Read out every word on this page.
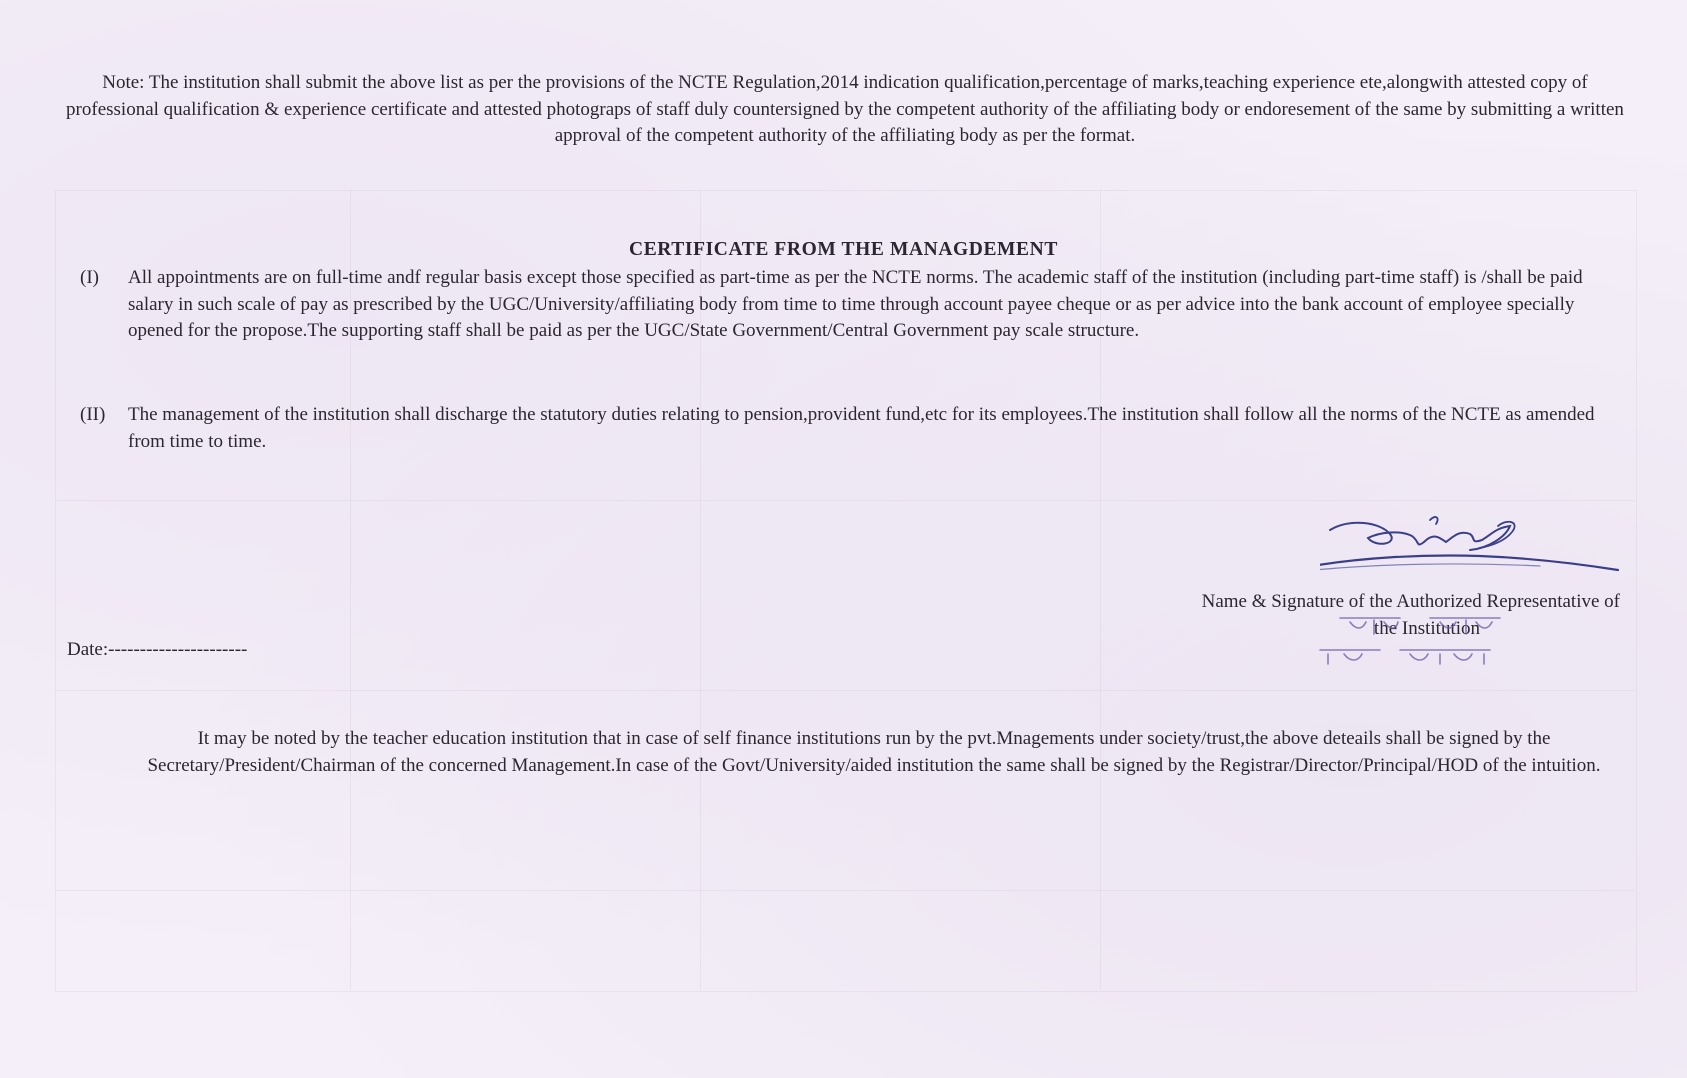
Note: The institution shall submit the above list as per the provisions of the NCTE Regulation,2014 indication qualification,percentage of marks,teaching experience ete,alongwith attested copy of professional qualification & experience certificate and attested photograps of staff duly countersigned by the competent authority of the affiliating body or endoresement of the same by submitting a written approval of the competent authority of the affiliating body as per the format.
CERTIFICATE FROM THE MANAGDEMENT
(I) All appointments are on full-time andf regular basis except those specified as part-time as per the NCTE norms. The academic staff of the institution (including part-time staff) is /shall be paid salary in such scale of pay as prescribed by the UGC/University/affiliating body from time to time through account payee cheque or as per advice into the bank account of employee specially opened for the propose.The supporting staff shall be paid as per the UGC/State Government/Central Government pay scale structure.
(II) The management of the institution shall discharge the statutory duties relating to pension,provident fund,etc for its employees.The institution shall follow all the norms of the NCTE as amended from time to time.
Name & Signature of the Authorized Representative of
the Institution
Date:----------------------
It may be noted by the teacher education institution that in case of self finance institutions run by the pvt.Mnagements under society/trust,the above deteails shall be signed by the Secretary/President/Chairman of the concerned Management.In case of the Govt/University/aided institution the same shall be signed by the Registrar/Director/Principal/HOD of the intuition.
